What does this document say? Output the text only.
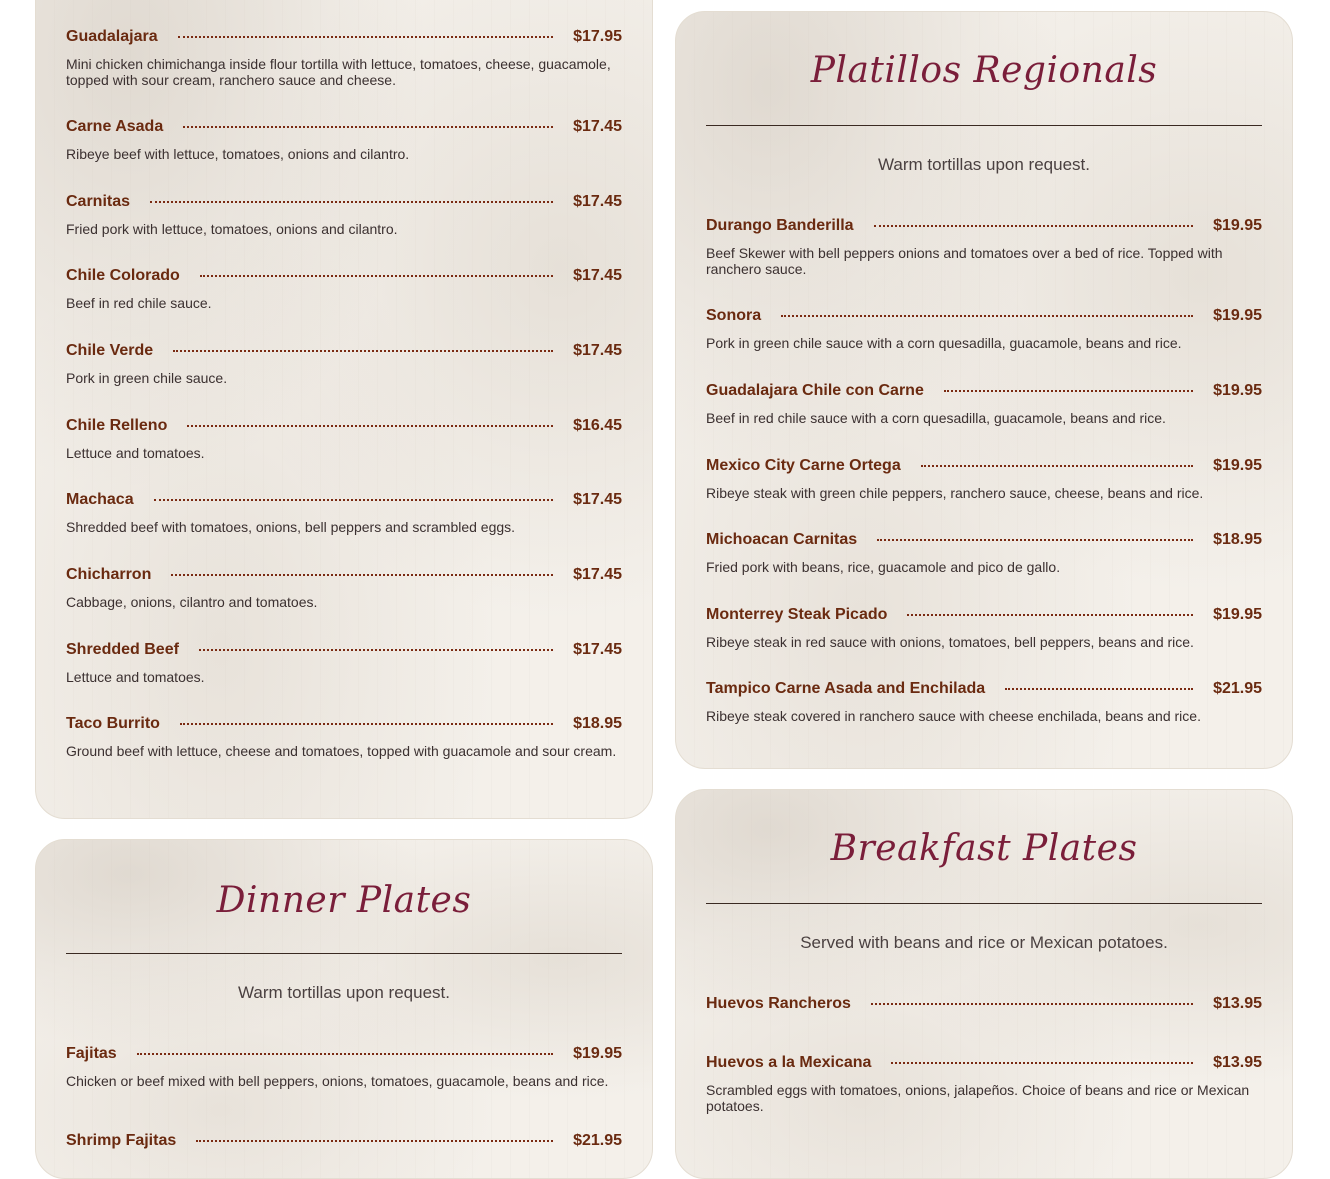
Guadalajara	$17.95
Mini chicken chimichanga inside flour tortilla with lettuce, tomatoes, cheese, guacamole, topped with sour cream, ranchero sauce and cheese.
Carne Asada	$17.45
Ribeye beef with lettuce, tomatoes, onions and cilantro.
Carnitas	$17.45
Fried pork with lettuce, tomatoes, onions and cilantro.
Chile Colorado	$17.45
Beef in red chile sauce.
Chile Verde	$17.45
Pork in green chile sauce.
Chile Relleno	$16.45
Lettuce and tomatoes.
Machaca	$17.45
Shredded beef with tomatoes, onions, bell peppers and scrambled eggs.
Chicharron	$17.45
Cabbage, onions, cilantro and tomatoes.
Shredded Beef	$17.45
Lettuce and tomatoes.
Taco Burrito	$18.95
Ground beef with lettuce, cheese and tomatoes, topped with guacamole and sour cream.
Dinner Plates
Warm tortillas upon request.
Fajitas	$19.95
Chicken or beef mixed with bell peppers, onions, tomatoes, guacamole, beans and rice.
Shrimp Fajitas	$21.95
Platillos Regionals
Warm tortillas upon request.
Durango Banderilla	$19.95
Beef Skewer with bell peppers onions and tomatoes over a bed of rice. Topped with ranchero sauce.
Sonora	$19.95
Pork in green chile sauce with a corn quesadilla, guacamole, beans and rice.
Guadalajara Chile con Carne	$19.95
Beef in red chile sauce with a corn quesadilla, guacamole, beans and rice.
Mexico City Carne Ortega	$19.95
Ribeye steak with green chile peppers, ranchero sauce, cheese, beans and rice.
Michoacan Carnitas	$18.95
Fried pork with beans, rice, guacamole and pico de gallo.
Monterrey Steak Picado	$19.95
Ribeye steak in red sauce with onions, tomatoes, bell peppers, beans and rice.
Tampico Carne Asada and Enchilada	$21.95
Ribeye steak covered in ranchero sauce with cheese enchilada, beans and rice.
Breakfast Plates
Served with beans and rice or Mexican potatoes.
Huevos Rancheros	$13.95
Huevos a la Mexicana	$13.95
Scrambled eggs with tomatoes, onions, jalapeños. Choice of beans and rice or Mexican potatoes.
